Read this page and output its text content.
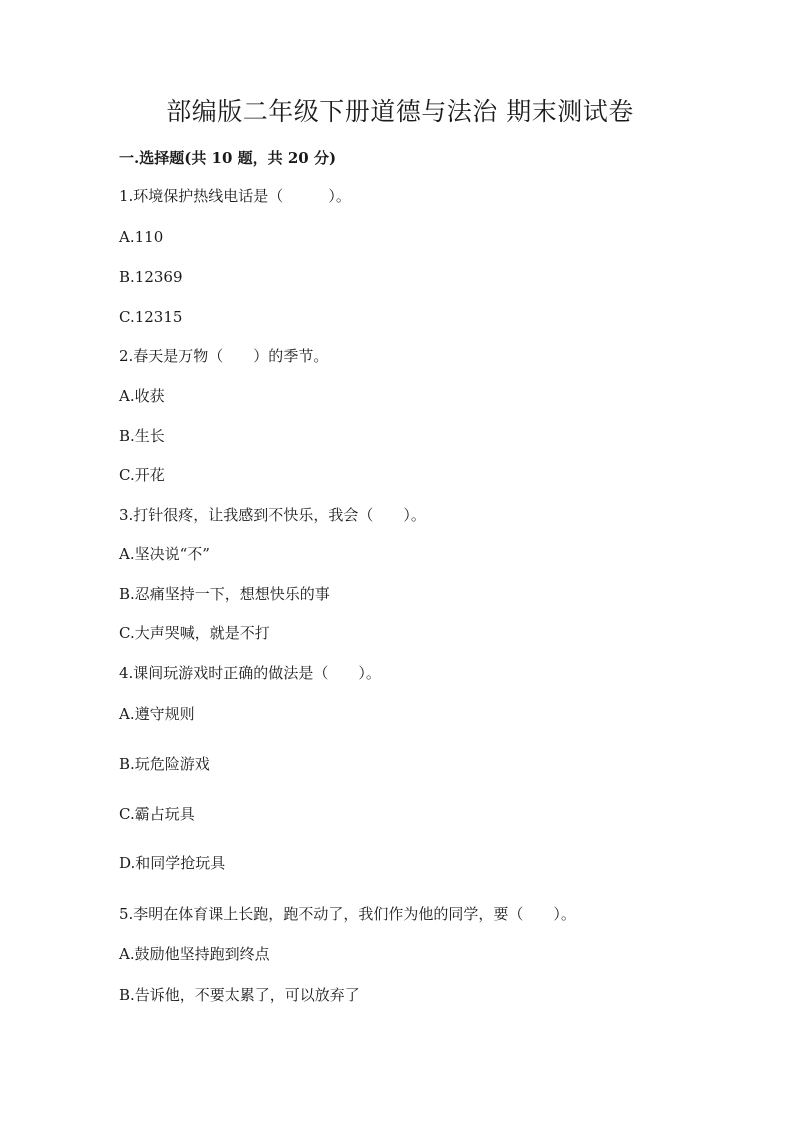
部编版二年级下册道德与法治 期末测试卷
一.选择题(共 10 题，共 20 分)

1.环境保护热线电话是（　　　）。

A.110

B.12369

C.12315

2.春天是万物（　　）的季节。

A.收获

B.生长

C.开花

3.打针很疼，让我感到不快乐，我会（　　）。

A.坚决说“不”

B.忍痛坚持一下，想想快乐的事

C.大声哭喊，就是不打

4.课间玩游戏时正确的做法是（　　）。

A.遵守规则

B.玩危险游戏

C.霸占玩具

D.和同学抢玩具

5.李明在体育课上长跑，跑不动了，我们作为他的同学，要（　　）。

A.鼓励他坚持跑到终点

B.告诉他，不要太累了，可以放弃了
